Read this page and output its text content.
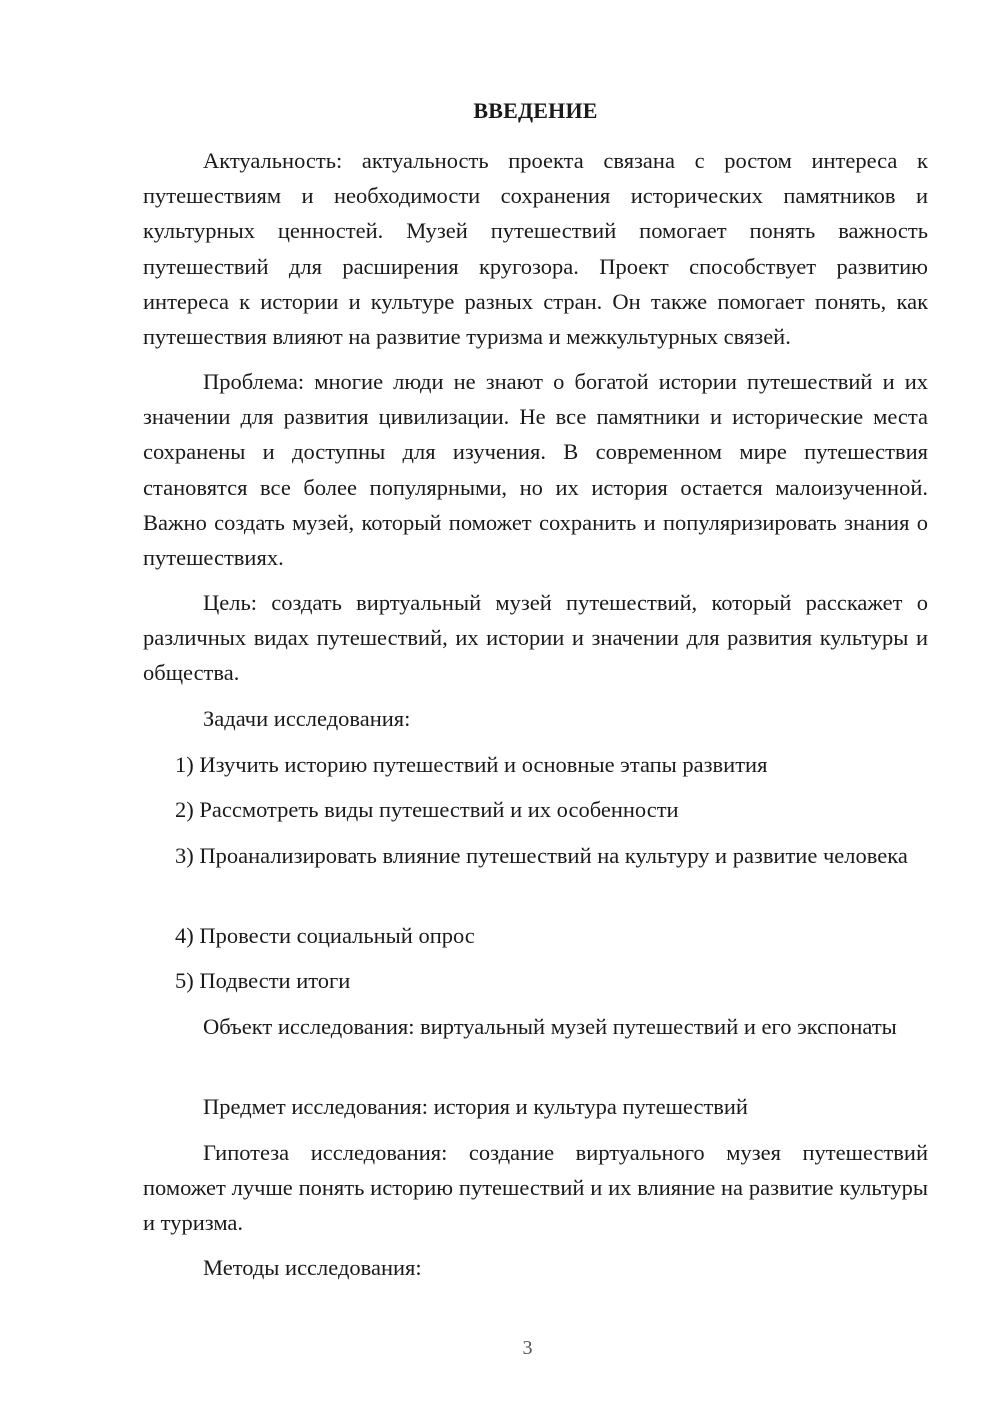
ВВЕДЕНИЕ

Актуальность: актуальность проекта связана с ростом интереса к путешествиям и необходимости сохранения исторических памятников и культурных ценностей. Музей путешествий помогает понять важность путешествий для расширения кругозора. Проект способствует развитию интереса к истории и культуре разных стран. Он также помогает понять, как путешествия влияют на развитие туризма и межкультурных связей.

Проблема: многие люди не знают о богатой истории путешествий и их значении для развития цивилизации. Не все памятники и исторические места сохранены и доступны для изучения. В современном мире путешествия становятся все более популярными, но их история остается малоизученной. Важно создать музей, который поможет сохранить и популяризировать знания о путешествиях.

Цель: создать виртуальный музей путешествий, который расскажет о различных видах путешествий, их истории и значении для развития культуры и общества.

Задачи исследования:

1) Изучить историю путешествий и основные этапы развития

2) Рассмотреть виды путешествий и их особенности

3) Проанализировать влияние путешествий на культуру и развитие человека

4) Провести социальный опрос

5) Подвести итоги

Объект исследования: виртуальный музей путешествий и его экспонаты

Предмет исследования: история и культура путешествий

Гипотеза исследования: создание виртуального музея путешествий поможет лучше понять историю путешествий и их влияние на развитие культуры и туризма.

Методы исследования:

3
